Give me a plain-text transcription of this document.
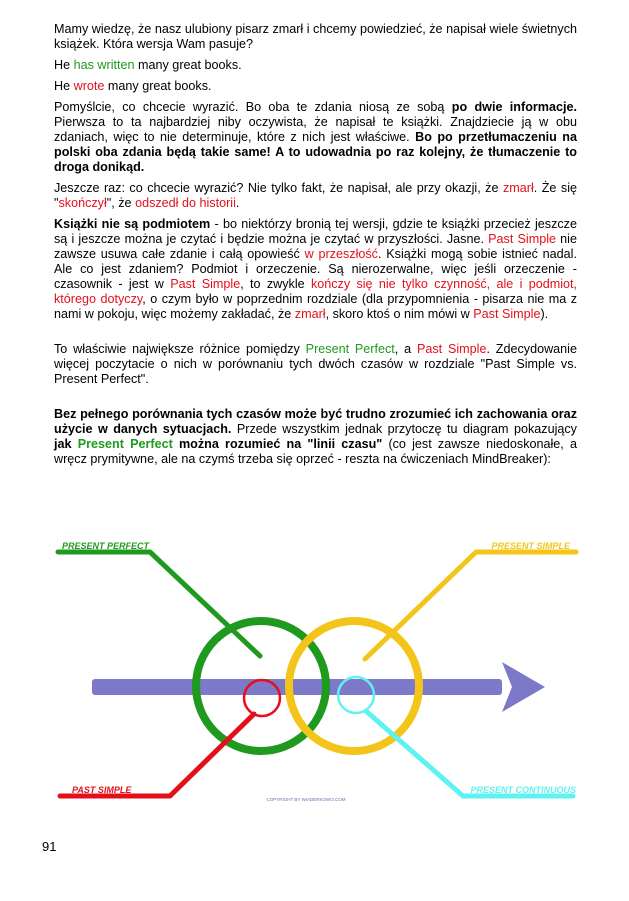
Mamy wiedzę, że nasz ulubiony pisarz zmarł i chcemy powiedzieć, że napisał wiele świetnych książek. Która wersja Wam pasuje?

He has written many great books.

He wrote many great books.

Pomyślcie, co chcecie wyrazić. Bo oba te zdania niosą ze sobą po dwie informacje. Pierwsza to ta najbardziej niby oczywista, że napisał te książki. Znajdziecie ją w obu zdaniach, więc to nie determinuje, które z nich jest właściwe. Bo po przetłumaczeniu na polski oba zdania będą takie same! A to udowadnia po raz kolejny, że tłumaczenie to droga donikąd.

Jeszcze raz: co chcecie wyrazić? Nie tylko fakt, że napisał, ale przy okazji, że zmarł. Że się "skończył", że odszedł do historii.

Książki nie są podmiotem - bo niektórzy bronią tej wersji, gdzie te książki przecież jeszcze są i jeszcze można je czytać i będzie można je czytać w przyszłości. Jasne. Past Simple nie zawsze usuwa całe zdanie i całą opowieść w przeszłość. Książki mogą sobie istnieć nadal. Ale co jest zdaniem? Podmiot i orzeczenie. Są nierozerwalne, więc jeśli orzeczenie - czasownik - jest w Past Simple, to zwykle kończy się nie tylko czynność, ale i podmiot, którego dotyczy, o czym było w poprzednim rozdziale (dla przypomnienia - pisarza nie ma z nami w pokoju, więc możemy zakładać, że zmarł, skoro ktoś o nim mówi w Past Simple).

To właściwie największe różnice pomiędzy Present Perfect, a Past Simple. Zdecydowanie więcej poczytacie o nich w porównaniu tych dwóch czasów w rozdziale "Past Simple vs. Present Perfect".

Bez pełnego porównania tych czasów może być trudno zrozumieć ich zachowania oraz użycie w danych sytuacjach. Przede wszystkim jednak przytoczę tu diagram pokazujący jak Present Perfect można rozumieć na "linii czasu" (co jest zawsze niedoskonałe, a wręcz prymitywne, ale na czymś trzeba się oprzeć - reszta na ćwiczeniach MindBreaker):

PRESENT PERFECT	PRESENT SIMPLE
PAST SIMPLE	PRESENT CONTINUOUS
COPYRIGHT BY WIADERKOWO.COM
91
